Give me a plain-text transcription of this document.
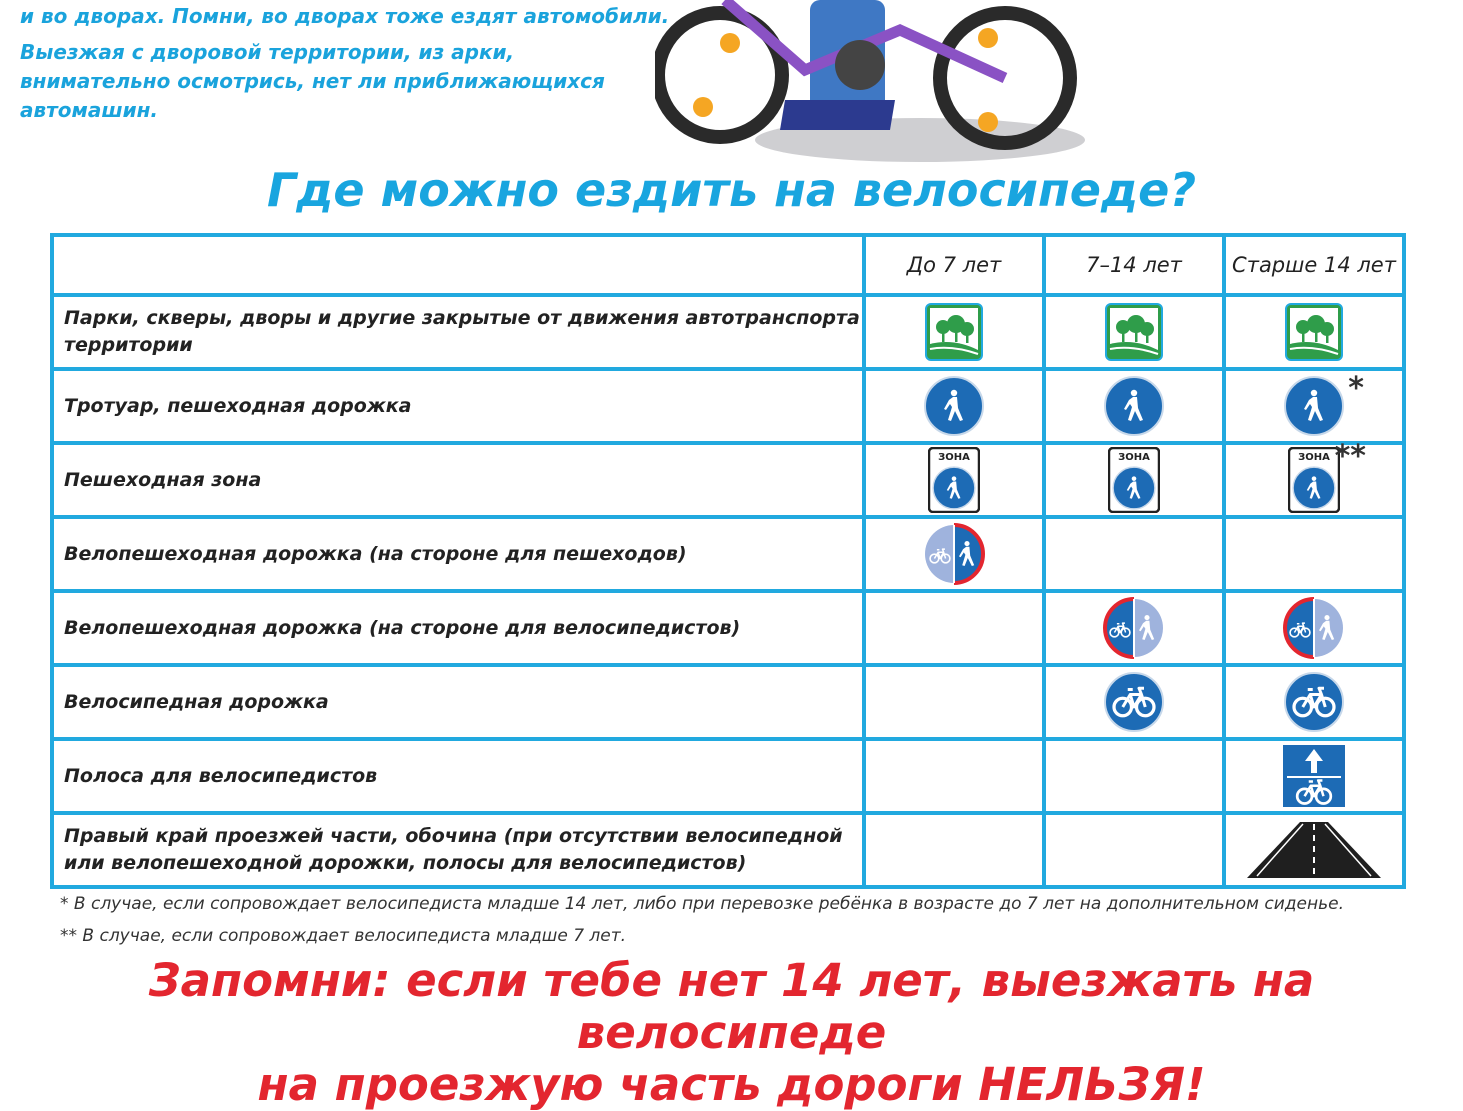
и во дворах. Помни, во дворах тоже ездят автомобили.

Выезжая с дворовой территории, из арки, внимательно осмотрись, нет ли приближающихся автомашин.

Где можно ездить на велосипеде?
	До 7 лет	7–14 лет	Старше 14 лет
Парки, скверы, дворы и другие закрытые от движения автотранспорта территории	

Тротуар, пешеходная дорожка			*

Пешеходная зона	ЗОНА	ЗОНА	ЗОНА **

Велопешеходная дорожка (на стороне для пешеходов)	

Велопешеходная дорожка (на стороне для велосипедистов)		

Велосипедная дорожка		

Полоса для велосипедистов			

Правый край проезжей части, обочина (при отсутствии велосипедной или велопешеходной дорожки, полосы для велосипедистов)			
* В случае, если сопровождает велосипедиста младше 14 лет, либо при перевозке ребёнка в возрасте до 7 лет на дополнительном сиденье.
** В случае, если сопровождает велосипедиста младше 7 лет.
Запомни: если тебе нет 14 лет, выезжать на велосипеде
на проезжую часть дороги НЕЛЬЗЯ!
